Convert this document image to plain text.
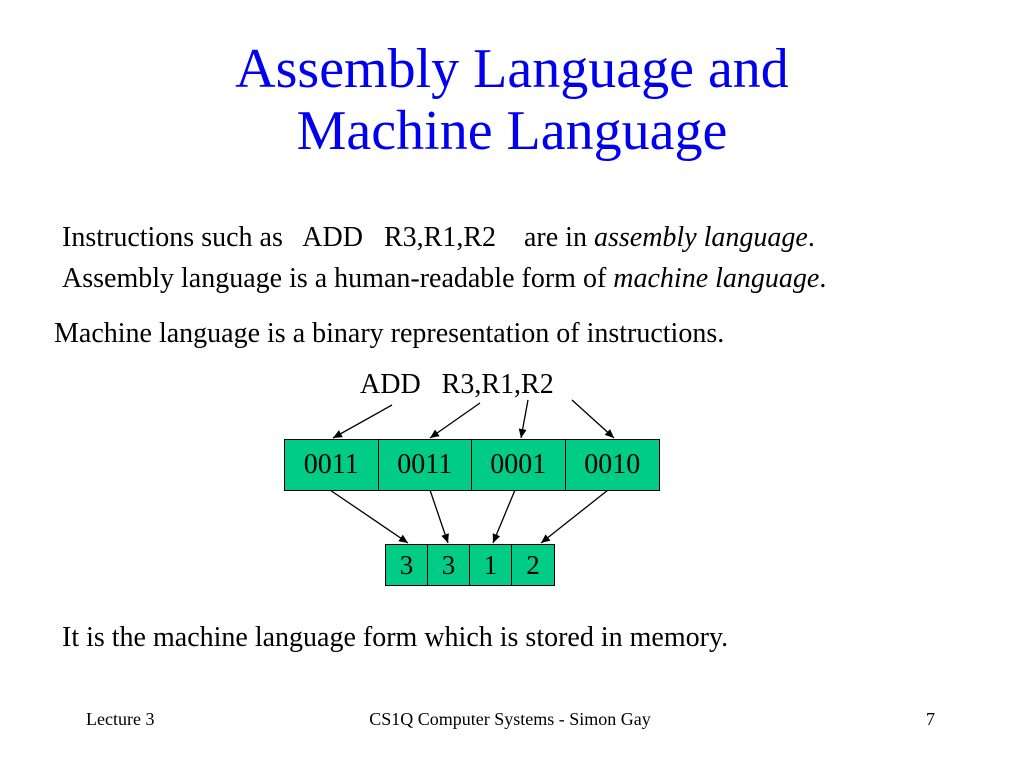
Assembly Language and
Machine Language
Instructions such as   ADD   R3,R1,R2    are in assembly language.
Assembly language is a human-readable form of machine language.
Machine language is a binary representation of instructions.
ADD   R3,R1,R2
0011	0011	0001	0010
3	3	1	2
It is the machine language form which is stored in memory.
Lecture 3	CS1Q Computer Systems - Simon Gay	7
